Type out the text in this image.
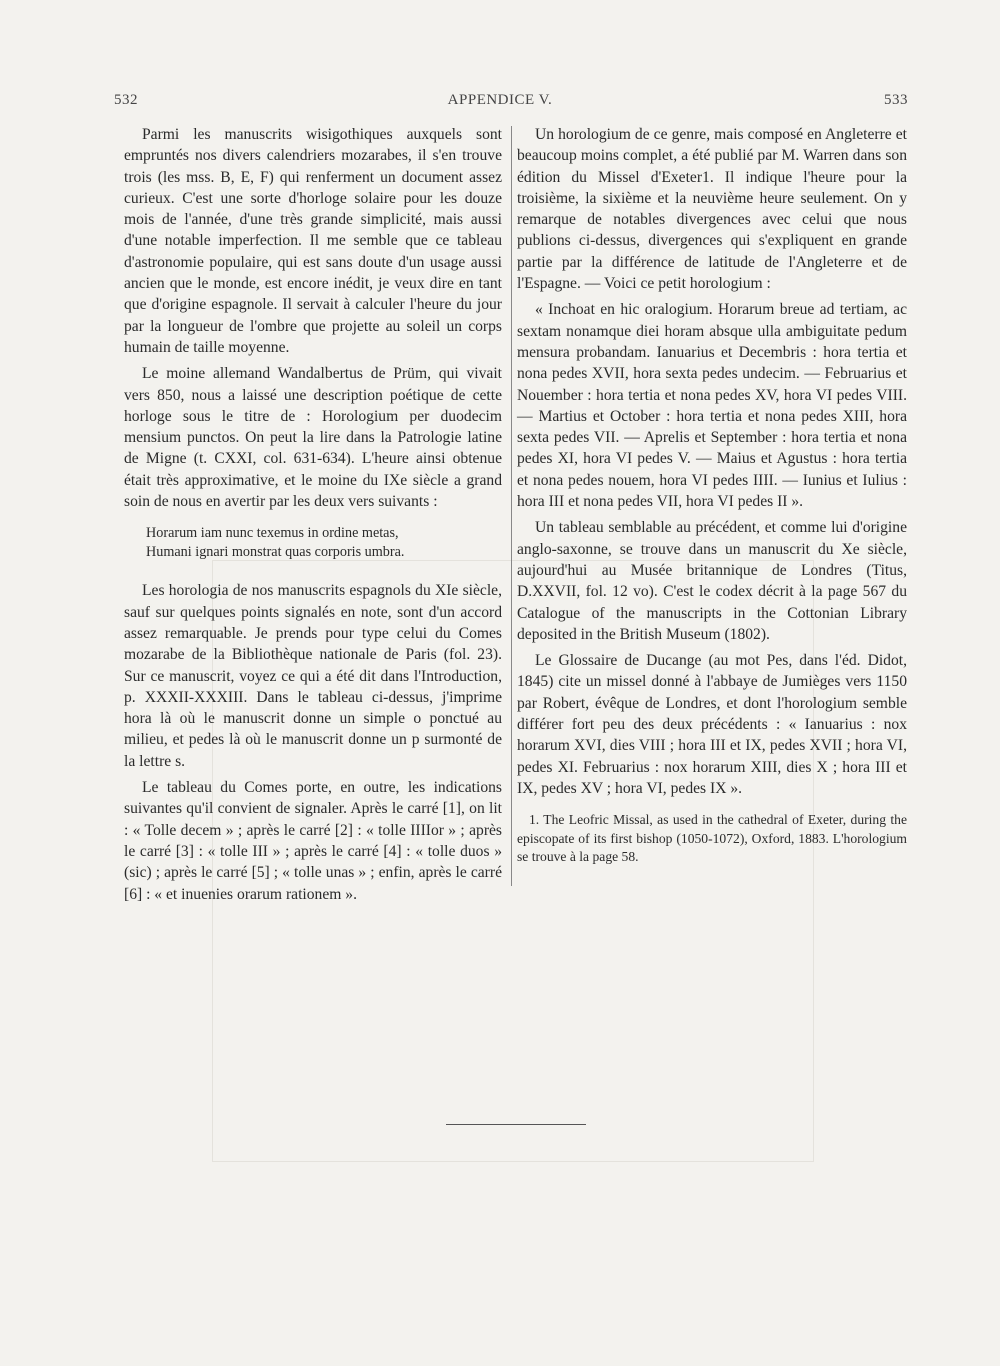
532	APPENDICE V.	533

Parmi les manuscrits wisigothiques auxquels sont empruntés nos divers calendriers mozarabes, il s'en trouve trois (les mss. B, E, F) qui renferment un document assez curieux. C'est une sorte d'horloge solaire pour les douze mois de l'année, d'une très grande simplicité, mais aussi d'une notable imperfection. Il me semble que ce tableau d'astronomie populaire, qui est sans doute d'un usage aussi ancien que le monde, est encore inédit, je veux dire en tant que d'origine espagnole. Il servait à calculer l'heure du jour par la longueur de l'ombre que projette au soleil un corps humain de taille moyenne.

Le moine allemand Wandalbertus de Prüm, qui vivait vers 850, nous a laissé une description poétique de cette horloge sous le titre de : Horologium per duodecim mensium punctos. On peut la lire dans la Patrologie latine de Migne (t. CXXI, col. 631-634). L'heure ainsi obtenue était très approximative, et le moine du IXe siècle a grand soin de nous en avertir par les deux vers suivants :

Horarum iam nunc texemus in ordine metas,
Humani ignari monstrat quas corporis umbra.

Les horologia de nos manuscrits espagnols du XIe siècle, sauf sur quelques points signalés en note, sont d'un accord assez remarquable. Je prends pour type celui du Comes mozarabe de la Bibliothèque nationale de Paris (fol. 23). Sur ce manuscrit, voyez ce qui a été dit dans l'Introduction, p. XXXII-XXXIII. Dans le tableau ci-dessus, j'imprime hora là où le manuscrit donne un simple o ponctué au milieu, et pedes là où le manuscrit donne un p surmonté de la lettre s.

Le tableau du Comes porte, en outre, les indications suivantes qu'il convient de signaler. Après le carré [1], on lit : « Tolle decem » ; après le carré [2] : « tolle IIIIor » ; après le carré [3] : « tolle III » ; après le carré [4] : « tolle duos » (sic) ; après le carré [5] ; « tolle unas » ; enfin, après le carré [6] : « et inuenies orarum rationem ».

Un horologium de ce genre, mais composé en Angleterre et beaucoup moins complet, a été publié par M. Warren dans son édition du Missel d'Exeter1. Il indique l'heure pour la troisième, la sixième et la neuvième heure seulement. On y remarque de notables divergences avec celui que nous publions ci-dessus, divergences qui s'expliquent en grande partie par la différence de latitude de l'Angleterre et de l'Espagne. — Voici ce petit horologium :

« Inchoat en hic oralogium. Horarum breue ad tertiam, ac sextam nonamque diei horam absque ulla ambiguitate pedum mensura probandam. Ianuarius et Decembris : hora tertia et nona pedes XVII, hora sexta pedes undecim. — Februarius et Nouember : hora tertia et nona pedes XV, hora VI pedes VIII. — Martius et October : hora tertia et nona pedes XIII, hora sexta pedes VII. — Aprelis et September : hora tertia et nona pedes XI, hora VI pedes V. — Maius et Agustus : hora tertia et nona pedes nouem, hora VI pedes IIII. — Iunius et Iulius : hora III et nona pedes VII, hora VI pedes II ».

Un tableau semblable au précédent, et comme lui d'origine anglo-saxonne, se trouve dans un manuscrit du Xe siècle, aujourd'hui au Musée britannique de Londres (Titus, D.XXVII, fol. 12 vo). C'est le codex décrit à la page 567 du Catalogue of the manuscripts in the Cottonian Library deposited in the British Museum (1802).

Le Glossaire de Ducange (au mot Pes, dans l'éd. Didot, 1845) cite un missel donné à l'abbaye de Jumièges vers 1150 par Robert, évêque de Londres, et dont l'horologium semble différer fort peu des deux précédents : « Ianuarius : nox horarum XVI, dies VIII ; hora III et IX, pedes XVII ; hora VI, pedes XI. Februarius : nox horarum XIII, dies X ; hora III et IX, pedes XV ; hora VI, pedes IX ».

1. The Leofric Missal, as used in the cathedral of Exeter, during the episcopate of its first bishop (1050-1072), Oxford, 1883. L'horologium se trouve à la page 58.
